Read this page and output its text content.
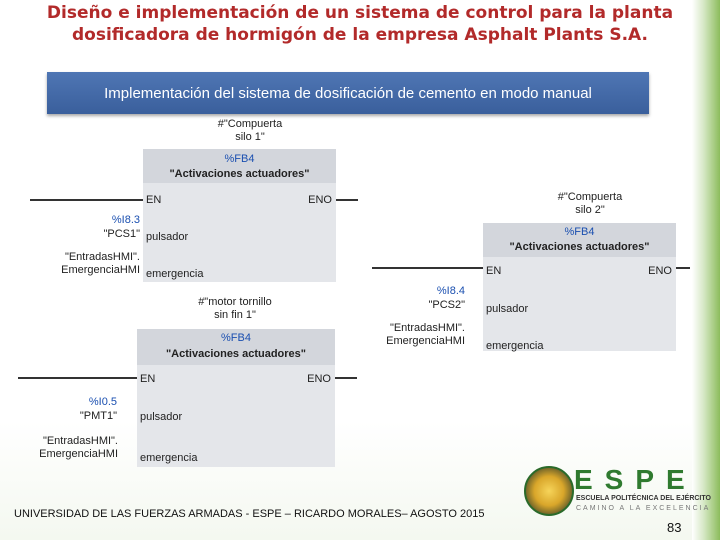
Diseño e implementación de un sistema de control para la planta
dosificadora de hormigón de la empresa Asphalt Plants S.A.
Implementación del sistema de dosificación de cemento en modo manual
#"Compuerta
silo 1"
%FB4
"Activaciones actuadores"
EN	ENO
pulsador
emergencia
%I8.3
"PCS1"
"EntradasHMI".
EmergenciaHMI
#"Compuerta
silo 2"
%FB4
"Activaciones actuadores"
EN	ENO
pulsador
emergencia
%I8.4
"PCS2"
"EntradasHMI".
EmergenciaHMI
#"motor tornillo
sin fin 1"
%FB4
"Activaciones actuadores"
EN	ENO
pulsador
emergencia
%I0.5
"PMT1"
"EntradasHMI".
EmergenciaHMI
UNIVERSIDAD DE LAS FUERZAS ARMADAS - ESPE – RICARDO MORALES– AGOSTO 2015
ESPE
ESCUELA POLITÉCNICA DEL EJÉRCITO
CAMINO A LA EXCELENCIA
83
